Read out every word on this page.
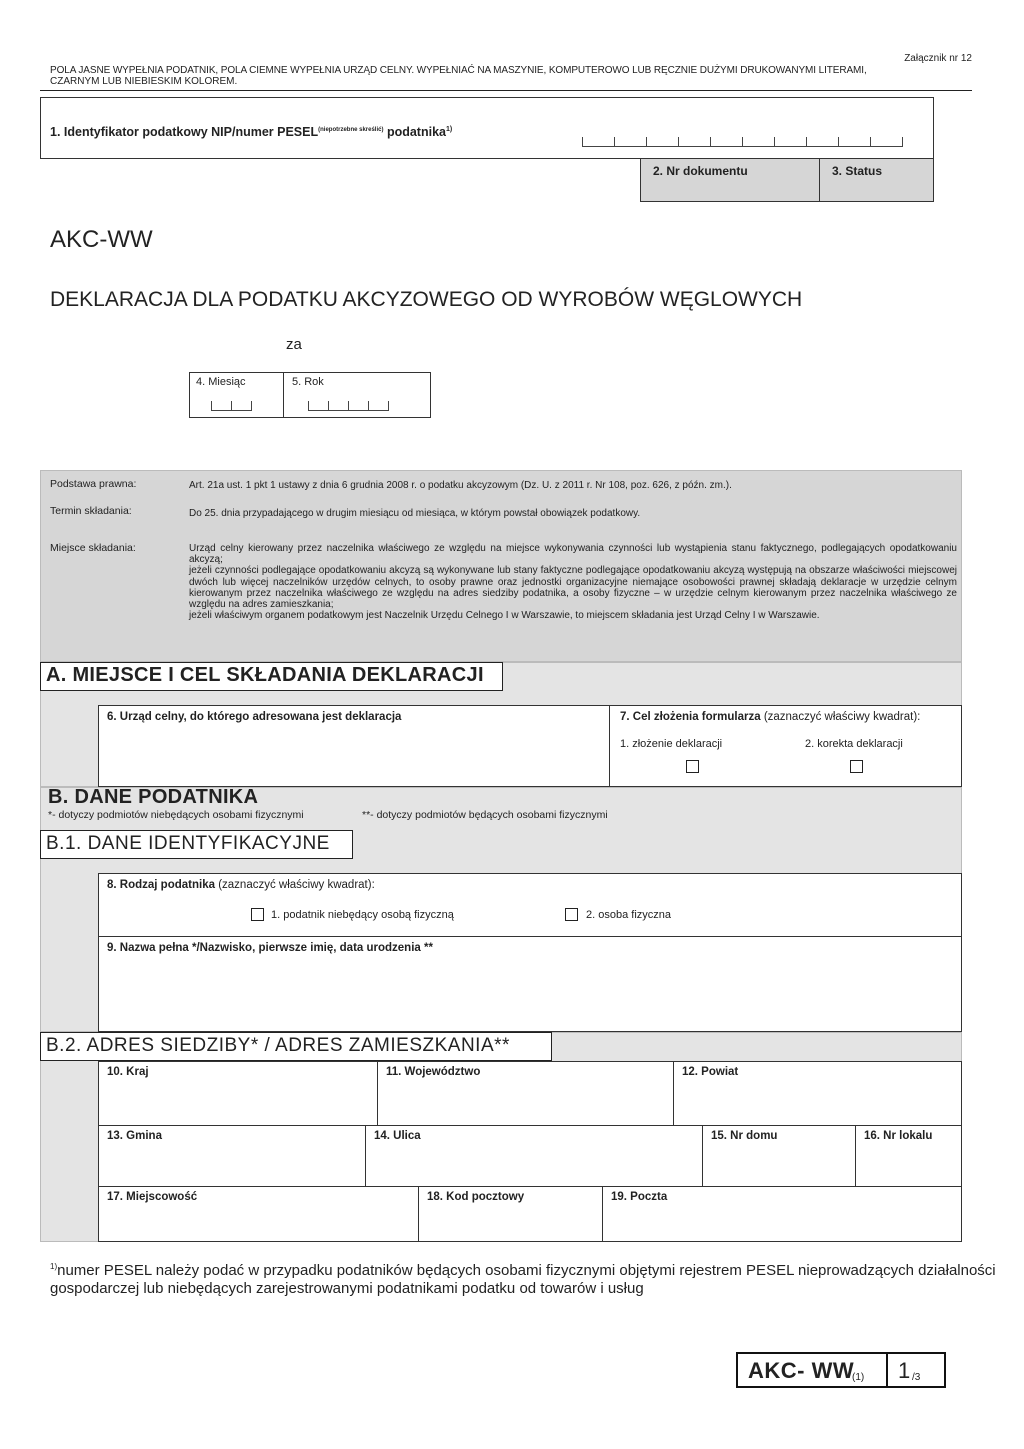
Załącznik nr 12
POLA JASNE WYPEŁNIA PODATNIK, POLA CIEMNE WYPEŁNIA URZĄD CELNY. WYPEŁNIAĆ NA MASZYNIE, KOMPUTEROWO LUB RĘCZNIE DUŻYMI DRUKOWANYMI LITERAMI,
CZARNYM LUB NIEBIESKIM KOLOREM.
1. Identyfikator podatkowy NIP/numer $PESEL^{(niepotrzebne skreślić)}$ podatnika$^{1)}$
2. Nr dokumentu	3. Status
AKC-WW
DEKLARACJA DLA PODATKU AKCYZOWEGO OD WYROBÓW WĘGLOWYCH
za
4. Miesiąc	5. Rok
Podstawa prawna:	Art. 21a ust. 1 pkt 1 ustawy z dnia 6 grudnia 2008 r. o podatku akcyzowym (Dz. U. z 2011 r. Nr 108, poz. 626, z późn. zm.).
Termin składania:	Do 25. dnia przypadającego w drugim miesiącu od miesiąca, w którym powstał obowiązek podatkowy.
Miejsce składania:	Urząd celny kierowany przez naczelnika właściwego ze względu na miejsce wykonywania czynności lub wystąpienia stanu faktycznego, podlegających opodatkowaniu akcyzą;
jeżeli czynności podlegające opodatkowaniu akcyzą są wykonywane lub stany faktyczne podlegające opodatkowaniu akcyzą występują na obszarze właściwości miejscowej dwóch lub więcej naczelników urzędów celnych, to osoby prawne oraz jednostki organizacyjne niemające osobowości prawnej składają deklaracje w urzędzie celnym kierowanym przez naczelnika właściwego ze względu na adres siedziby podatnika, a osoby fizyczne – w urzędzie celnym kierowanym przez naczelnika właściwego ze względu na adres zamieszkania;
jeżeli właściwym organem podatkowym jest Naczelnik Urzędu Celnego I w Warszawie, to miejscem składania jest Urząd Celny I w Warszawie.
A. MIEJSCE I CEL SKŁADANIA DEKLARACJI
6. Urząd celny, do którego adresowana jest deklaracja	7. Cel złożenia formularza (zaznaczyć właściwy kwadrat):
1. złożenie deklaracji	2. korekta deklaracji
B. DANE PODATNIKA
*- dotyczy podmiotów niebędących osobami fizycznymi	**- dotyczy podmiotów będących osobami fizycznymi
B.1. DANE IDENTYFIKACYJNE
8. Rodzaj podatnika (zaznaczyć właściwy kwadrat):
1. podatnik niebędący osobą fizyczną	2. osoba fizyczna
9. Nazwa pełna */Nazwisko, pierwsze imię, data urodzenia **
B.2. ADRES SIEDZIBY* / ADRES ZAMIESZKANIA**
10. Kraj	11. Województwo	12. Powiat
13. Gmina	14. Ulica	15. Nr domu	16. Nr lokalu
17. Miejscowość	18. Kod pocztowy	19. Poczta
$^{1)}$numer PESEL należy podać w przypadku podatników będących osobami fizycznymi objętymi rejestrem PESEL nieprowadzących działalności
gospodarczej lub niebędących zarejestrowanymi podatnikami podatku od towarów i usług
AKC- WW
(1) 1 /3
